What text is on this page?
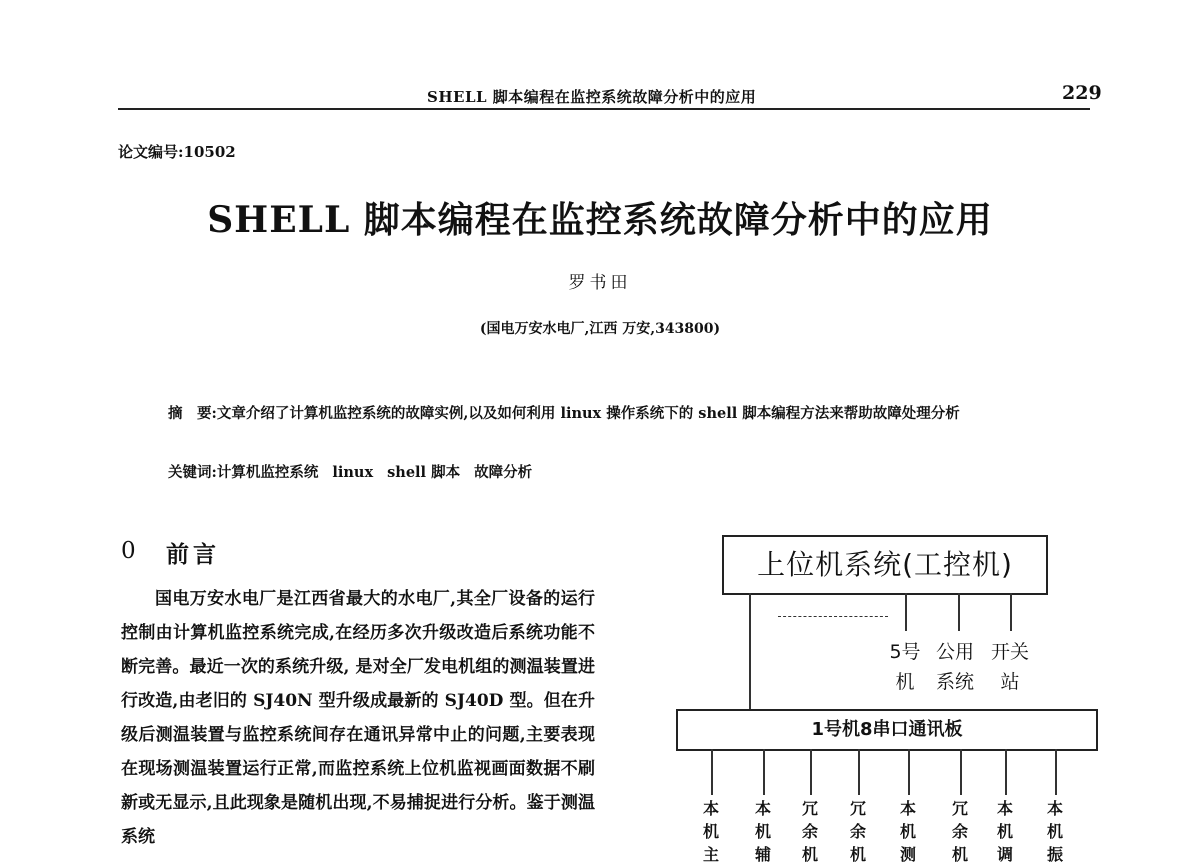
SHELL 脚本编程在监控系统故障分析中的应用	229
论文编号:10502
SHELL 脚本编程在监控系统故障分析中的应用
罗书田
(国电万安水电厂,江西 万安,343800)
摘　要:文章介绍了计算机监控系统的故障实例,以及如何利用 linux 操作系统下的 shell 脚本编程方法来帮助故障处理分析
关键词:计算机监控系统 linux shell 脚本 故障分析
0 前言

国电万安水电厂是江西省最大的水电厂,其全厂设备的运行控制由计算机监控系统完成,在经历多次升级改造后系统功能不断完善。最近一次的系统升级, 是对全厂发电机组的测温装置进行改造,由老旧的 SJ40N 型升级成最新的 SJ40D 型。但在升级后测温装置与监控系统间存在通讯异常中止的问题,主要表现在现场测温装置运行正常,而监控系统上位机监视画面数据不刷新或无显示,且此现象是随机出现,不易捕捉进行分析。鉴于测温系统

上位机系统(工控机)
5号
机
公用
系统
开关
站
1号机8串口通讯板
本机主
本机辅
冗余机
冗余机
本机测
冗余机
本机调
本机振
